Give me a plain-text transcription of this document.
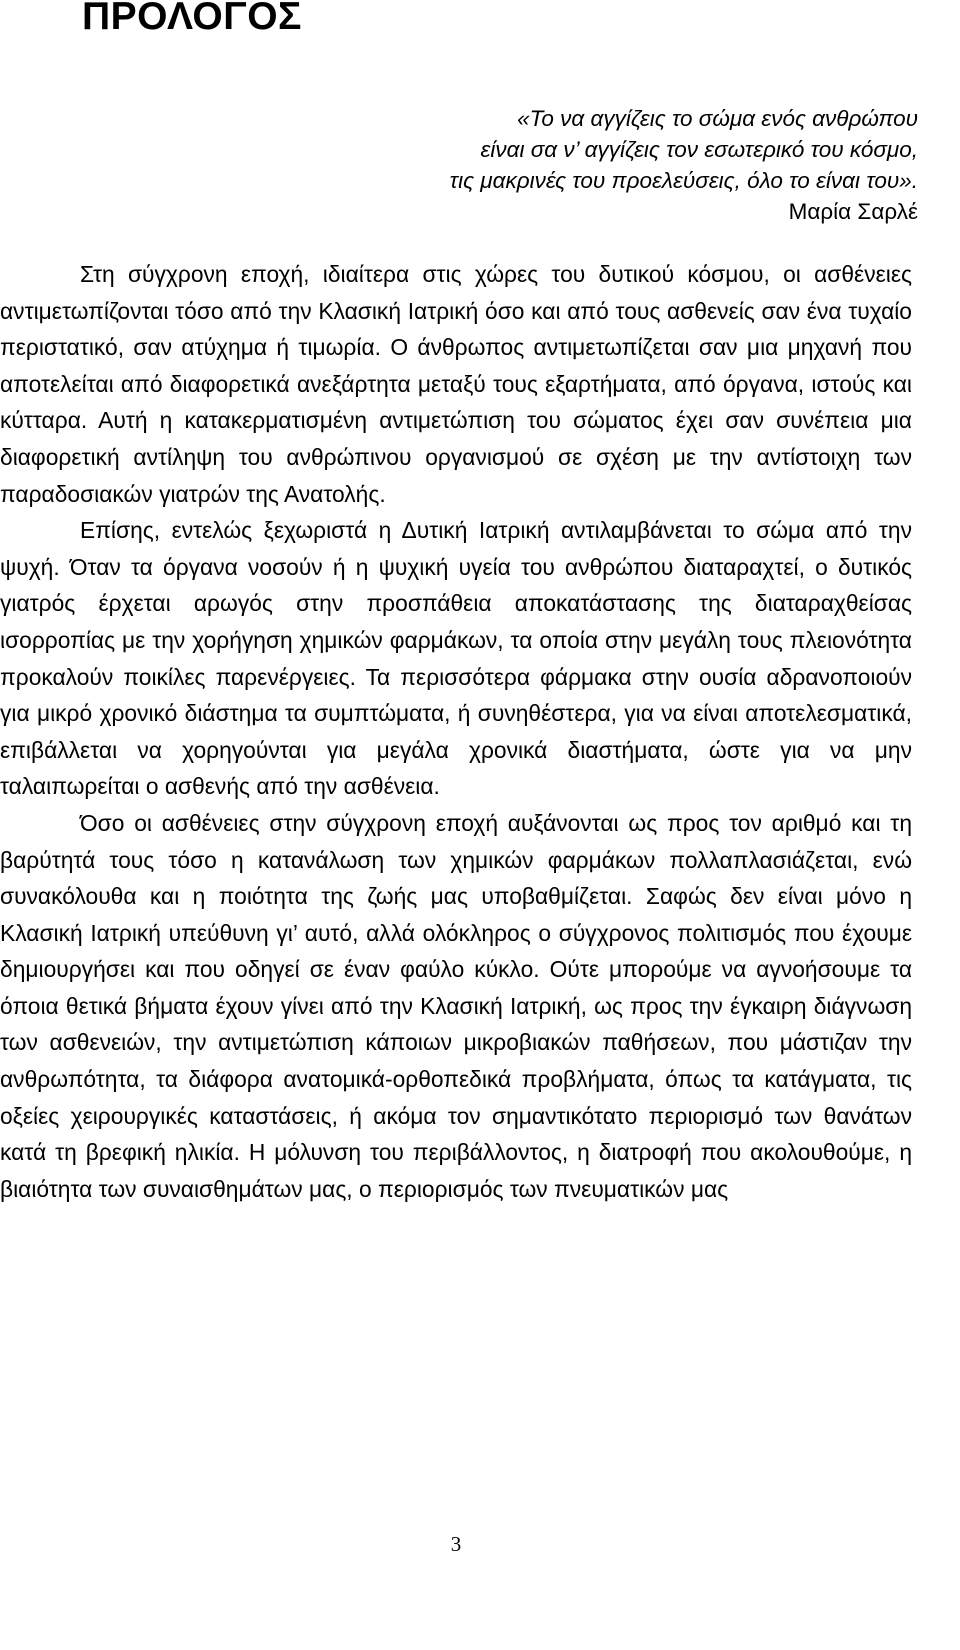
ΠΡΟΛΟΓΟΣ
«Το να αγγίζεις το σώμα ενός ανθρώπου
είναι σα ν’ αγγίζεις τον εσωτερικό του κόσμο,
τις μακρινές του προελεύσεις, όλο το είναι του».
Μαρία Σαρλέ

Στη σύγχρονη εποχή, ιδιαίτερα στις χώρες του δυτικού κόσμου, οι ασθένειες αντιμετωπίζονται τόσο από την Κλασική Ιατρική όσο και από τους ασθενείς σαν ένα τυχαίο περιστατικό, σαν ατύχημα ή τιμωρία. Ο άνθρωπος αντιμετωπίζεται σαν μια μηχανή που αποτελείται από διαφορετικά ανεξάρτητα μεταξύ τους εξαρτήματα, από όργανα, ιστούς και κύτταρα. Αυτή η κατακερματισμένη αντιμετώπιση του σώματος έχει σαν συνέπεια μια διαφορετική αντίληψη του ανθρώπινου οργανισμού σε σχέση με την αντίστοιχη των παραδοσιακών γιατρών της Ανατολής.

Επίσης, εντελώς ξεχωριστά η Δυτική Ιατρική αντιλαμβάνεται το σώμα από την ψυχή. Όταν τα όργανα νοσούν ή η ψυχική υγεία του ανθρώπου διαταραχτεί, ο δυτικός γιατρός έρχεται αρωγός στην προσπάθεια αποκατάστασης της διαταραχθείσας ισορροπίας με την χορήγηση χημικών φαρμάκων, τα οποία στην μεγάλη τους πλειονότητα προκαλούν ποικίλες παρενέργειες. Τα περισσότερα φάρμακα στην ουσία αδρανοποιούν για μικρό χρονικό διάστημα τα συμπτώματα, ή συνηθέστερα, για να είναι αποτελεσματικά, επιβάλλεται να χορηγούνται για μεγάλα χρονικά διαστήματα, ώστε για να μην ταλαιπωρείται ο ασθενής από την ασθένεια.

Όσο οι ασθένειες στην σύγχρονη εποχή αυξάνονται ως προς τον αριθμό και τη βαρύτητά τους τόσο η κατανάλωση των χημικών φαρμάκων πολλαπλασιάζεται, ενώ συνακόλουθα και η ποιότητα της ζωής μας υποβαθμίζεται. Σαφώς δεν είναι μόνο η Κλασική Ιατρική υπεύθυνη γι’ αυτό, αλλά ολόκληρος ο σύγχρονος πολιτισμός που έχουμε δημιουργήσει και που οδηγεί σε έναν φαύλο κύκλο. Ούτε μπορούμε να αγνοήσουμε τα όποια θετικά βήματα έχουν γίνει από την Κλασική Ιατρική, ως προς την έγκαιρη διάγνωση των ασθενειών, την αντιμετώπιση κάποιων μικροβιακών παθήσεων, που μάστιζαν την ανθρωπότητα, τα διάφορα ανατομικά-ορθοπεδικά προβλήματα, όπως τα κατάγματα, τις οξείες χειρουργικές καταστάσεις, ή ακόμα τον σημαντικότατο περιορισμό των θανάτων κατά τη βρεφική ηλικία. Η μόλυνση του περιβάλλοντος, η διατροφή που ακολουθούμε, η βιαιότητα των συναισθημάτων μας, ο περιορισμός των πνευματικών μας

3
